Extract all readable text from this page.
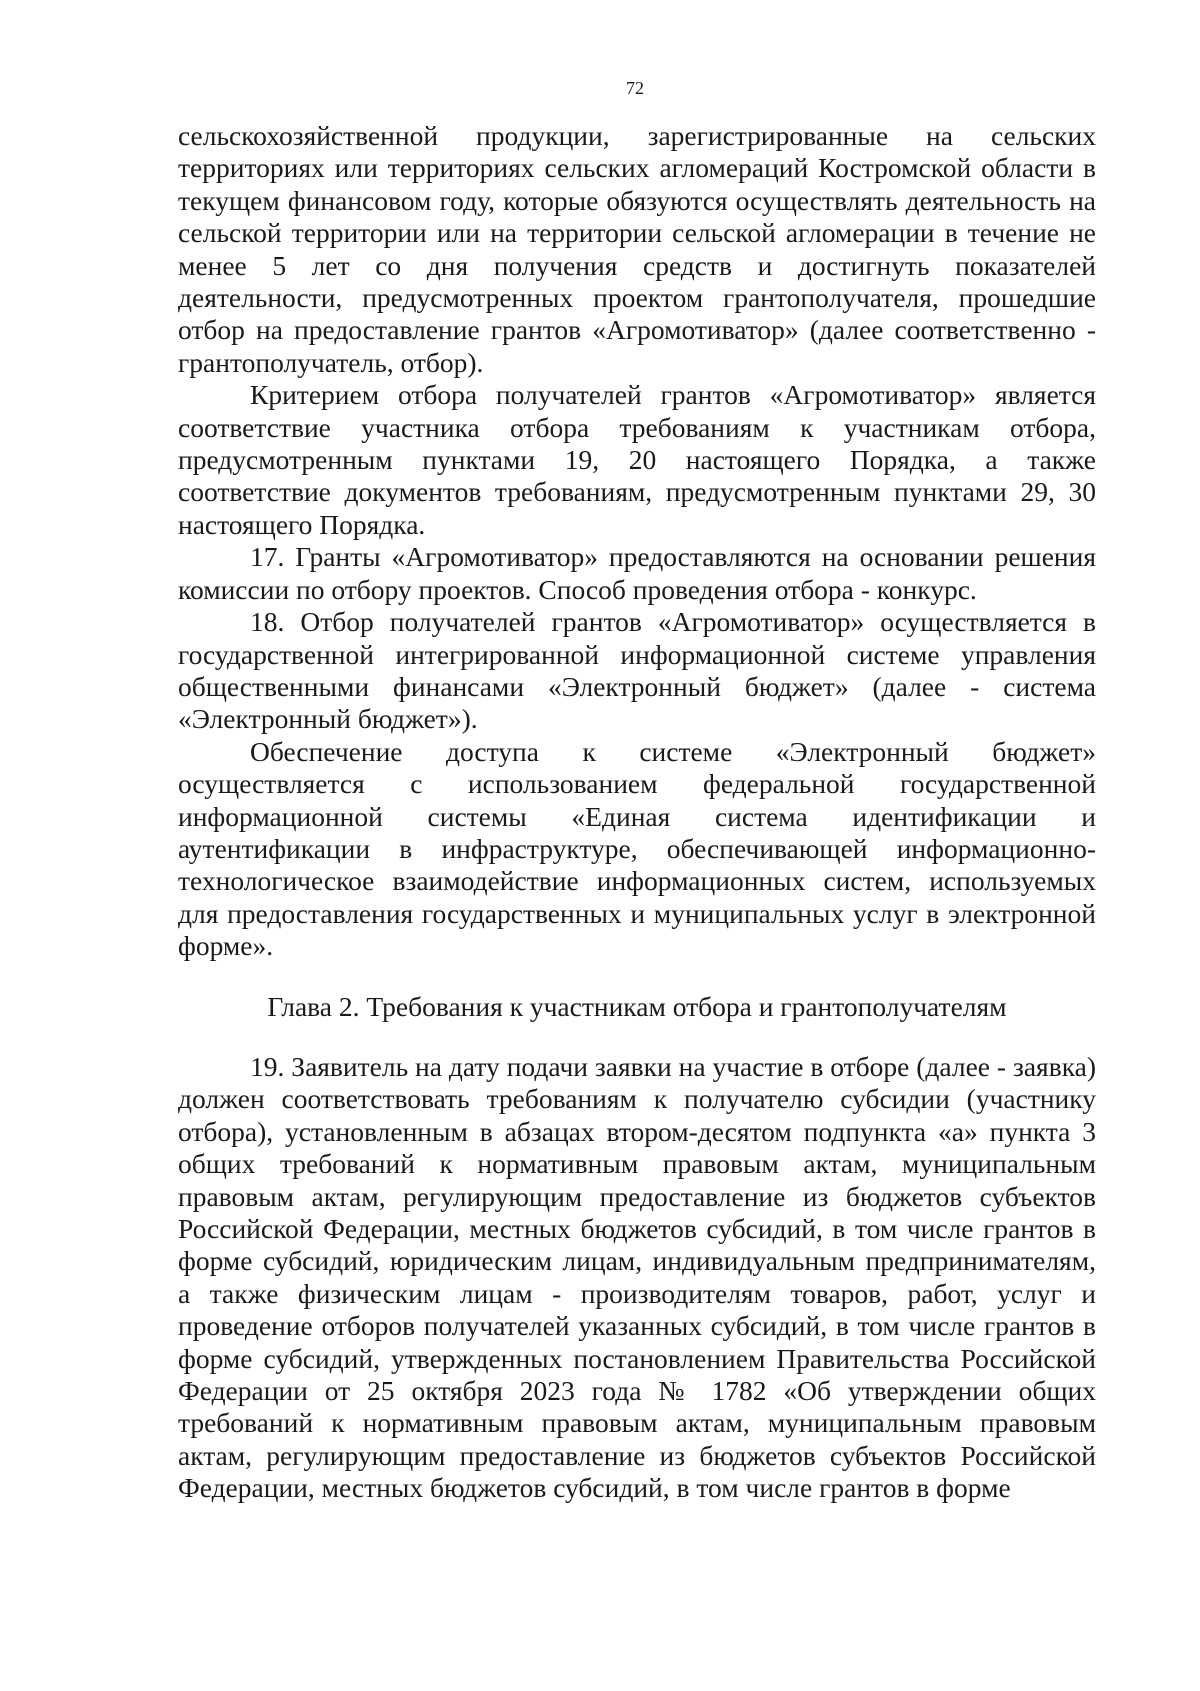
72

сельскохозяйственной продукции, зарегистрированные на сельских территориях или территориях сельских агломераций Костромской области в текущем финансовом году, которые обязуются осуществлять деятельность на сельской территории или на территории сельской агломерации в течение не менее 5 лет со дня получения средств и достигнуть показателей деятельности, предусмотренных проектом грантополучателя, прошедшие отбор на предоставление грантов «Агромотиватор» (далее соответственно - грантополучатель, отбор).

Критерием отбора получателей грантов «Агромотиватор» является соответствие участника отбора требованиям к участникам отбора, предусмотренным пунктами 19, 20 настоящего Порядка, а также соответствие документов требованиям, предусмотренным пунктами 29, 30 настоящего Порядка.

17. Гранты «Агромотиватор» предоставляются на основании решения комиссии по отбору проектов. Способ проведения отбора - конкурс.

18. Отбор получателей грантов «Агромотиватор» осуществляется в государственной интегрированной информационной системе управления общественными финансами «Электронный бюджет» (далее - система «Электронный бюджет»).

Обеспечение доступа к системе «Электронный бюджет» осуществляется с использованием федеральной государственной информационной системы «Единая система идентификации и аутентификации в инфраструктуре, обеспечивающей информационно-технологическое взаимодействие информационных систем, используемых для предоставления государственных и муниципальных услуг в электронной форме».

Глава 2. Требования к участникам отбора и грантополучателям

19. Заявитель на дату подачи заявки на участие в отборе (далее - заявка) должен соответствовать требованиям к получателю субсидии (участнику отбора), установленным в абзацах втором-десятом подпункта «а» пункта 3 общих требований к нормативным правовым актам, муниципальным правовым актам, регулирующим предоставление из бюджетов субъектов Российской Федерации, местных бюджетов субсидий, в том числе грантов в форме субсидий, юридическим лицам, индивидуальным предпринимателям, а также физическим лицам - производителям товаров, работ, услуг и проведение отборов получателей указанных субсидий, в том числе грантов в форме субсидий, утвержденных постановлением Правительства Российской Федерации от 25 октября 2023 года № 1782 «Об утверждении общих требований к нормативным правовым актам, муниципальным правовым актам, регулирующим предоставление из бюджетов субъектов Российской Федерации, местных бюджетов субсидий, в том числе грантов в форме
